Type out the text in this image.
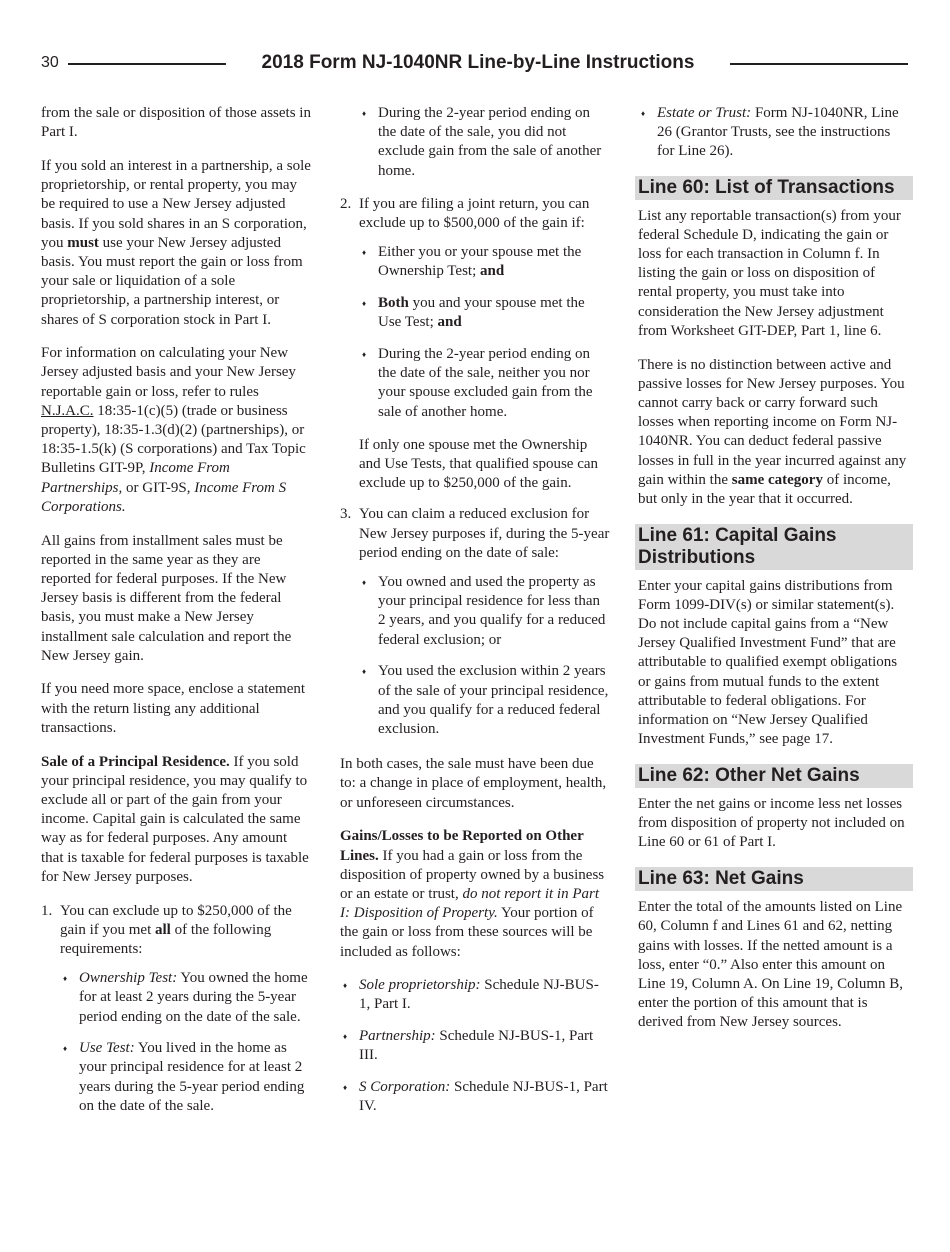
30	2018 Form NJ-1040NR Line-by-Line Instructions

from the sale or disposition of those assets in Part I.

If you sold an interest in a partnership, a sole proprietorship, or rental property, you may be required to use a New Jersey adjusted basis. If you sold shares in an S corporation, you must use your New Jersey adjusted basis. You must report the gain or loss from your sale or liquidation of a sole proprietorship, a partnership interest, or shares of S corporation stock in Part I.

For information on calculating your New Jersey adjusted basis and your New Jersey reportable gain or loss, refer to rules N.J.A.C. 18:35-1(c)(5) (trade or business property), 18:35-1.3(d)(2) (partnerships), or 18:35-1.5(k) (S corporations) and Tax Topic Bulletins GIT-9P, Income From Partnerships, or GIT-9S, Income From S Corporations.

All gains from installment sales must be reported in the same year as they are reported for federal purposes. If the New Jersey basis is different from the federal basis, you must make a New Jersey installment sale calculation and report the New Jersey gain.

If you need more space, enclose a statement with the return listing any additional transactions.

Sale of a Principal Residence. If you sold your principal residence, you may qualify to exclude all or part of the gain from your income. Capital gain is calculated the same way as for federal purposes. Any amount that is taxable for federal purposes is taxable for New Jersey purposes.

1. You can exclude up to $250,000 of the gain if you met all of the following requirements:
♦ Ownership Test: You owned the home for at least 2 years during the 5-year period ending on the date of the sale.
♦ Use Test: You lived in the home as your principal residence for at least 2 years during the 5-year period ending on the date of the sale.
♦ During the 2-year period ending on the date of the sale, you did not exclude gain from the sale of another home.
2. If you are filing a joint return, you can exclude up to $500,000 of the gain if:
♦ Either you or your spouse met the Ownership Test; and
♦ Both you and your spouse met the Use Test; and
♦ During the 2-year period ending on the date of the sale, neither you nor your spouse excluded gain from the sale of another home.
If only one spouse met the Ownership and Use Tests, that qualified spouse can exclude up to $250,000 of the gain.
3. You can claim a reduced exclusion for New Jersey purposes if, during the 5-year period ending on the date of sale:
♦ You owned and used the property as your principal residence for less than 2 years, and you qualify for a reduced federal exclusion; or
♦ You used the exclusion within 2 years of the sale of your principal residence, and you qualify for a reduced federal exclusion.

In both cases, the sale must have been due to: a change in place of employment, health, or unforeseen circumstances.

Gains/Losses to be Reported on Other Lines. If you had a gain or loss from the disposition of property owned by a business or an estate or trust, do not report it in Part I: Disposition of Property. Your portion of the gain or loss from these sources will be included as follows:

♦ Sole proprietorship: Schedule NJ-BUS-1, Part I.
♦ Partnership: Schedule NJ-BUS-1, Part III.
♦ S Corporation: Schedule NJ-BUS-1, Part IV.
♦ Estate or Trust: Form NJ-1040NR, Line 26 (Grantor Trusts, see the instructions for Line 26).
Line 60: List of Transactions

List any reportable transaction(s) from your federal Schedule D, indicating the gain or loss for each transaction in Column f. In listing the gain or loss on disposition of rental property, you must take into consideration the New Jersey adjustment from Worksheet GIT-DEP, Part 1, line 6.

There is no distinction between active and passive losses for New Jersey purposes. You cannot carry back or carry forward such losses when reporting income on Form NJ-1040NR. You can deduct federal passive losses in full in the year incurred against any gain within the same category of income, but only in the year that it occurred.

Line 61: Capital Gains Distributions

Enter your capital gains distributions from Form 1099-DIV(s) or similar statement(s). Do not include capital gains from a “New Jersey Qualified Investment Fund” that are attributable to qualified exempt obligations or gains from mutual funds to the extent attributable to federal obligations. For information on “New Jersey Qualified Investment Funds,” see page 17.

Line 62: Other Net Gains

Enter the net gains or income less net losses from disposition of property not included on Line 60 or 61 of Part I.

Line 63: Net Gains

Enter the total of the amounts listed on Line 60, Column f and Lines 61 and 62, netting gains with losses. If the netted amount is a loss, enter “0.” Also enter this amount on Line 19, Column A. On Line 19, Column B, enter the portion of this amount that is derived from New Jersey sources.
